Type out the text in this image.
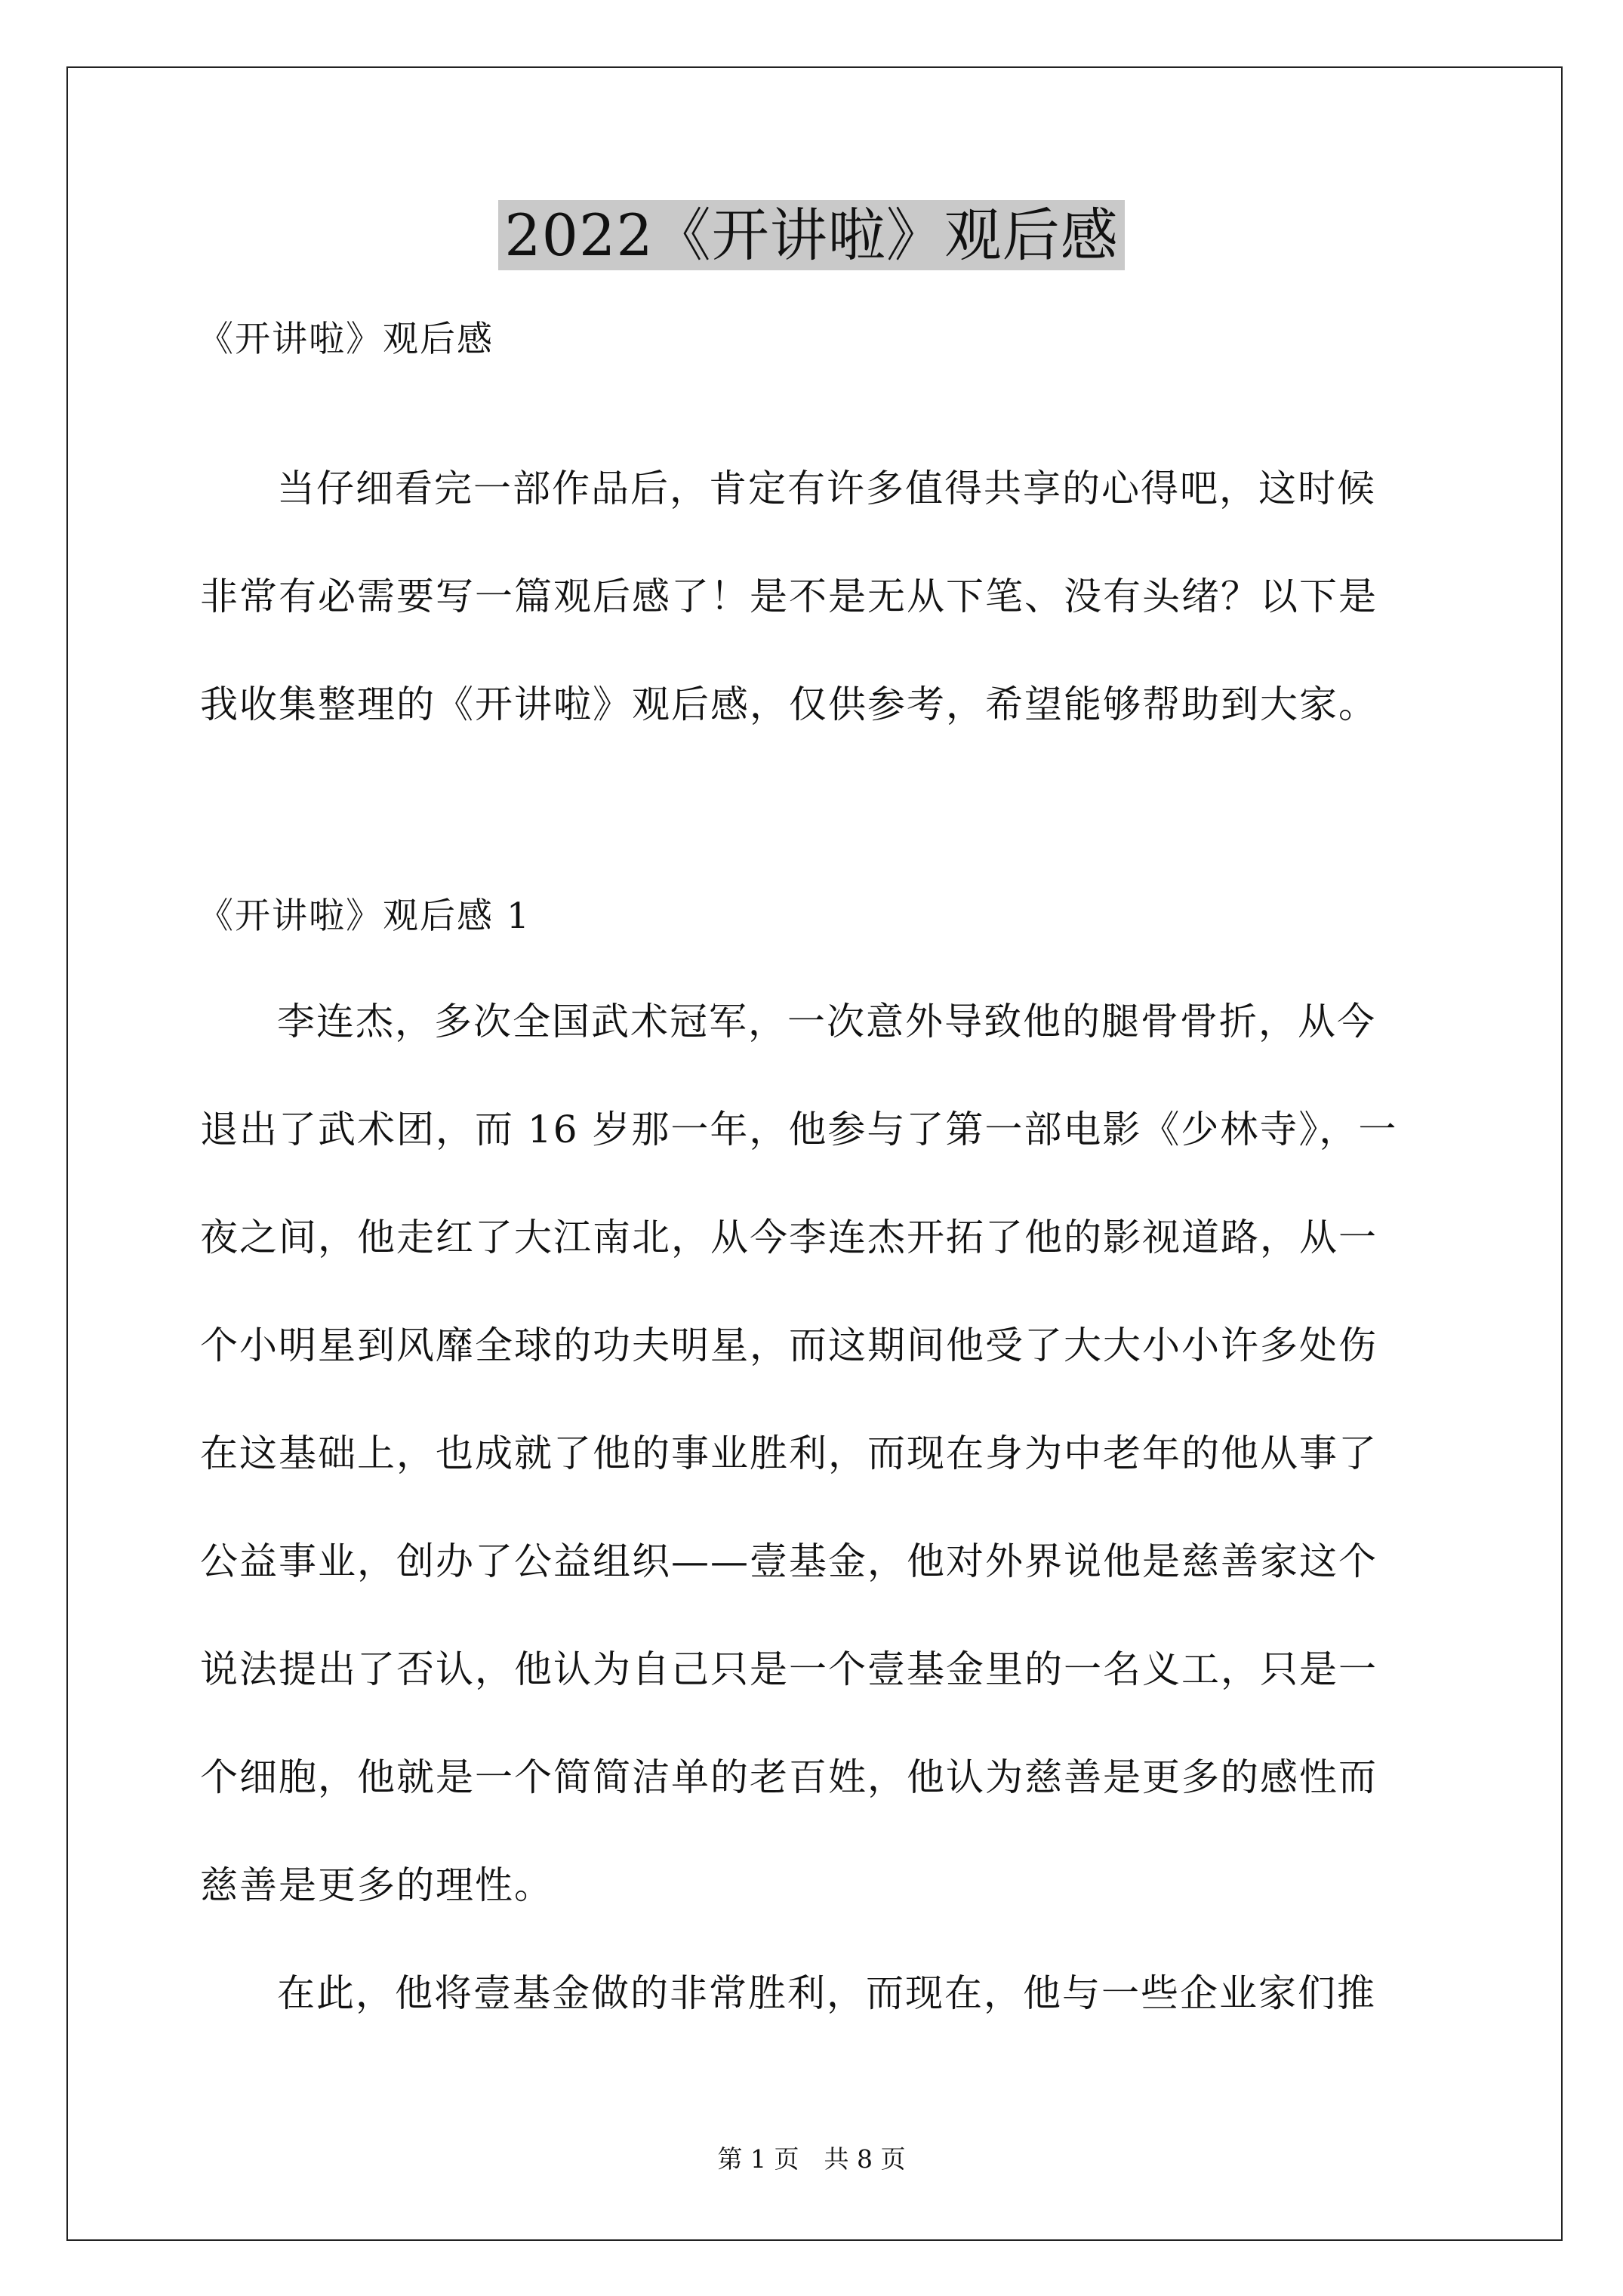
2022《开讲啦》观后感
《开讲啦》观后感
当仔细看完一部作品后，肯定有许多值得共享的心得吧，这时候
非常有必需要写一篇观后感了！是不是无从下笔、没有头绪？以下是
我收集整理的《开讲啦》观后感，仅供参考，希望能够帮助到大家。
《开讲啦》观后感 1
李连杰，多次全国武术冠军，一次意外导致他的腿骨骨折，从今
退出了武术团，而 16 岁那一年，他参与了第一部电影《少林寺》，一
夜之间，他走红了大江南北，从今李连杰开拓了他的影视道路，从一
个小明星到风靡全球的功夫明星，而这期间他受了大大小小许多处伤
在这基础上，也成就了他的事业胜利，而现在身为中老年的他从事了
公益事业，创办了公益组织——壹基金，他对外界说他是慈善家这个
说法提出了否认，他认为自己只是一个壹基金里的一名义工，只是一
个细胞，他就是一个简简洁单的老百姓，他认为慈善是更多的感性而
慈善是更多的理性。
在此，他将壹基金做的非常胜利，而现在，他与一些企业家们推
第 1 页　共 8 页
